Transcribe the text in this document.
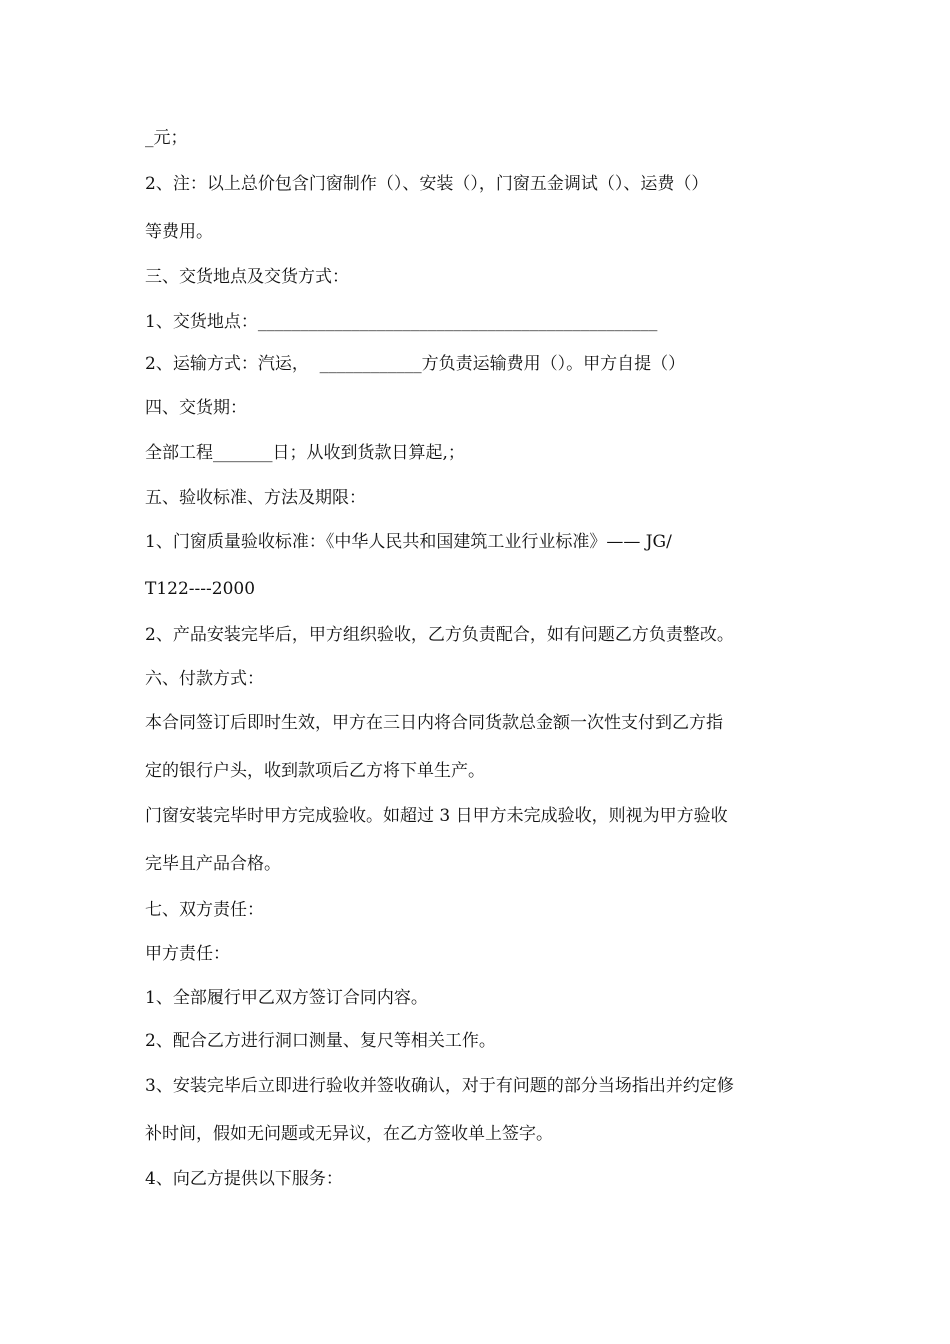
_元；

2、注：以上总价包含门窗制作（）、安装（），门窗五金调试（）、运费（）

等费用。

三、交货地点及交货方式：

1、交货地点：_______________________________________________

2、运输方式：汽运，  ____________方负责运输费用（）。甲方自提（）

四、交货期：

全部工程_______日；从收到货款日算起,；

五、验收标准、方法及期限：

1、门窗质量验收标准：《中华人民共和国建筑工业行业标准》—— JG/

T122----2000

2、产品安装完毕后，甲方组织验收，乙方负责配合，如有问题乙方负责整改。

六、付款方式：

本合同签订后即时生效，甲方在三日内将合同货款总金额一次性支付到乙方指

定的银行户头，收到款项后乙方将下单生产。

门窗安装完毕时甲方完成验收。如超过 3 日甲方未完成验收，则视为甲方验收

完毕且产品合格。

七、双方责任：

甲方责任：

1、全部履行甲乙双方签订合同内容。

2、配合乙方进行洞口测量、复尺等相关工作。

3、安装完毕后立即进行验收并签收确认，对于有问题的部分当场指出并约定修

补时间，假如无问题或无异议，在乙方签收单上签字。

4、向乙方提供以下服务：
